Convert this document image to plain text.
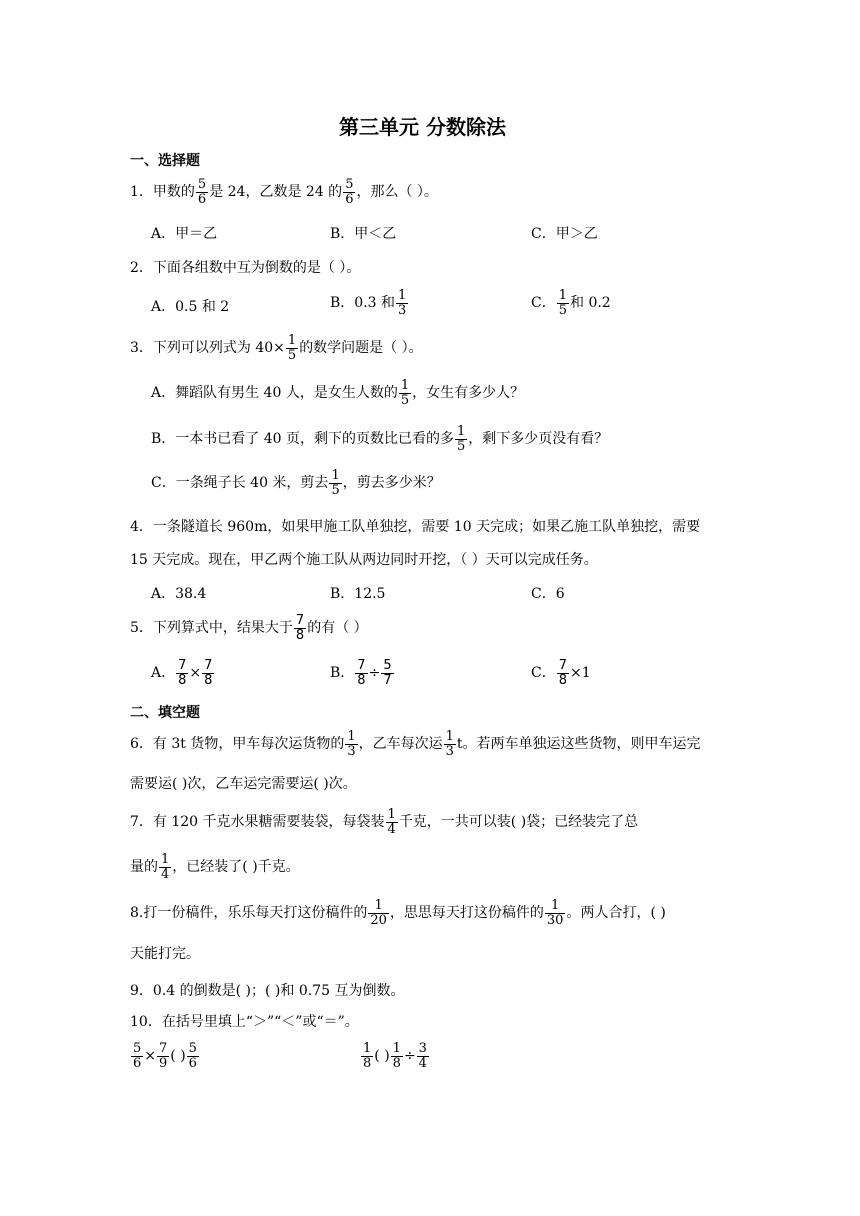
第三单元 分数除法
一、选择题
1．甲数的 $\frac{5}{6}$ 是 24，乙数是 24 的 $\frac{5}{6}$ ，那么（ ）。
A．甲＝乙	B．甲＜乙	C．甲＞乙
2．下面各组数中互为倒数的是（ ）。
A．0.5 和 2	B．0.3 和 $\frac{1}{3}$	C． $\frac{1}{5}$ 和 0.2
3．下列可以列式为 $40\times \frac{1}{5}$ 的数学问题是（ ）。
A．舞蹈队有男生 40 人，是女生人数的 $\frac{1}{5}$ ，女生有多少人？
B．一本书已看了 40 页，剩下的页数比已看的多 $\frac{1}{5}$ ，剩下多少页没有看？
C．一条绳子长 40 米，剪去 $\frac{1}{5}$ ，剪去多少米？
4．一条隧道长 960m，如果甲施工队单独挖，需要 10 天完成；如果乙施工队单独挖，需要
15 天完成。现在，甲乙两个施工队从两边同时开挖，（ ）天可以完成任务。
A．38.4	B．12.5	C．6
5．下列算式中，结果大于 $\frac{7}{8}$ 的有（ ）
A． $\frac{7}{8} \times \frac{7}{8}$	B． $\frac{7}{8} \div \frac{5}{7}$	C． $\frac{7}{8} \times 1$
二、填空题
6．有 3t 货物，甲车每次运货物的 $\frac{1}{3}$ ，乙车每次运 $\frac{1}{3}$ t。若两车单独运这些货物，则甲车运完
需要运( )次，乙车运完需要运( )次。
7．有 120 千克水果糖需要装袋，每袋装 $\frac{1}{4}$ 千克，一共可以装( )袋；已经装完了总
量的 $\frac{1}{4}$ ，已经装了( )千克。
8.打一份稿件，乐乐每天打这份稿件的 $\frac{1}{20}$ ，思思每天打这份稿件的 $\frac{1}{30}$ 。两人合打，( )
天能打完。
9．0.4 的倒数是( )；( )和 0.75 互为倒数。
10．在括号里填上“＞”“＜”或“＝”。
$\frac{5}{6} \times \frac{7}{9}$ ( ) $\frac{5}{6}$	$\frac{1}{8}$ ( ) $\frac{1}{8} \div \frac{3}{4}$
